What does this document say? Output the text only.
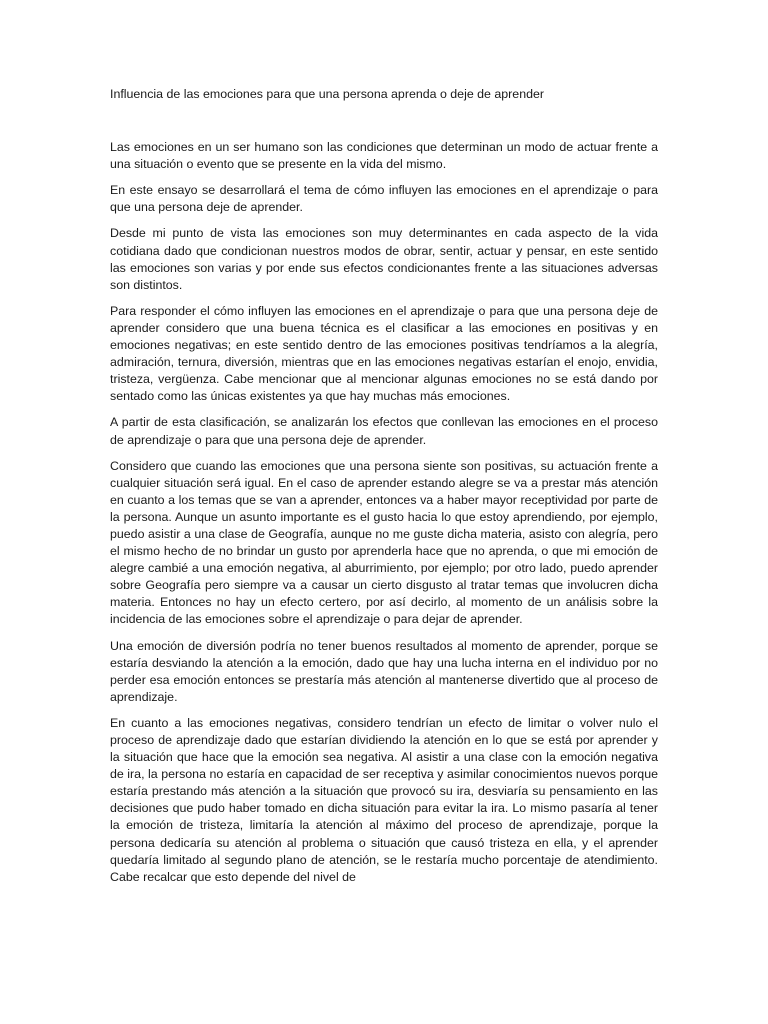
Influencia de las emociones para que una persona aprenda o deje de aprender

Las emociones en un ser humano son las condiciones que determinan un modo de actuar frente a una situación o evento que se presente en la vida del mismo.

En este ensayo se desarrollará el tema de cómo influyen las emociones en el aprendizaje o para que una persona deje de aprender.

Desde mi punto de vista las emociones son muy determinantes en cada aspecto de la vida cotidiana dado que condicionan nuestros modos de obrar, sentir, actuar y pensar, en este sentido las emociones son varias y por ende sus efectos condicionantes frente a las situaciones adversas son distintos.

Para responder el cómo influyen las emociones en el aprendizaje o para que una persona deje de aprender considero que una buena técnica es el clasificar a las emociones en positivas y en emociones negativas; en este sentido dentro de las emociones positivas tendríamos a la alegría, admiración, ternura, diversión, mientras que en las emociones negativas estarían el enojo, envidia, tristeza, vergüenza. Cabe mencionar que al mencionar algunas emociones no se está dando por sentado como las únicas existentes ya que hay muchas más emociones.

A partir de esta clasificación, se analizarán los efectos que conllevan las emociones en el proceso de aprendizaje o para que una persona deje de aprender.

Considero que cuando las emociones que una persona siente son positivas, su actuación frente a cualquier situación será igual. En el caso de aprender estando alegre se va a prestar más atención en cuanto a los temas que se van a aprender, entonces va a haber mayor receptividad por parte de la persona. Aunque un asunto importante es el gusto hacia lo que estoy aprendiendo, por ejemplo, puedo asistir a una clase de Geografía, aunque no me guste dicha materia, asisto con alegría, pero el mismo hecho de no brindar un gusto por aprenderla hace que no aprenda, o que mi emoción de alegre cambié a una emoción negativa, al aburrimiento, por ejemplo; por otro lado, puedo aprender sobre Geografía pero siempre va a causar un cierto disgusto al tratar temas que involucren dicha materia. Entonces no hay un efecto certero, por así decirlo, al momento de un análisis sobre la incidencia de las emociones sobre el aprendizaje o para dejar de aprender.

Una emoción de diversión podría no tener buenos resultados al momento de aprender, porque se estaría desviando la atención a la emoción, dado que hay una lucha interna en el individuo por no perder esa emoción entonces se prestaría más atención al mantenerse divertido que al proceso de aprendizaje.

En cuanto a las emociones negativas, considero tendrían un efecto de limitar o volver nulo el proceso de aprendizaje dado que estarían dividiendo la atención en lo que se está por aprender y la situación que hace que la emoción sea negativa. Al asistir a una clase con la emoción negativa de ira, la persona no estaría en capacidad de ser receptiva y asimilar conocimientos nuevos porque estaría prestando más atención a la situación que provocó su ira, desviaría su pensamiento en las decisiones que pudo haber tomado en dicha situación para evitar la ira. Lo mismo pasaría al tener la emoción de tristeza, limitaría la atención al máximo del proceso de aprendizaje, porque la persona dedicaría su atención al problema o situación que causó tristeza en ella, y el aprender quedaría limitado al segundo plano de atención, se le restaría mucho porcentaje de atendimiento. Cabe recalcar que esto depende del nivel de
